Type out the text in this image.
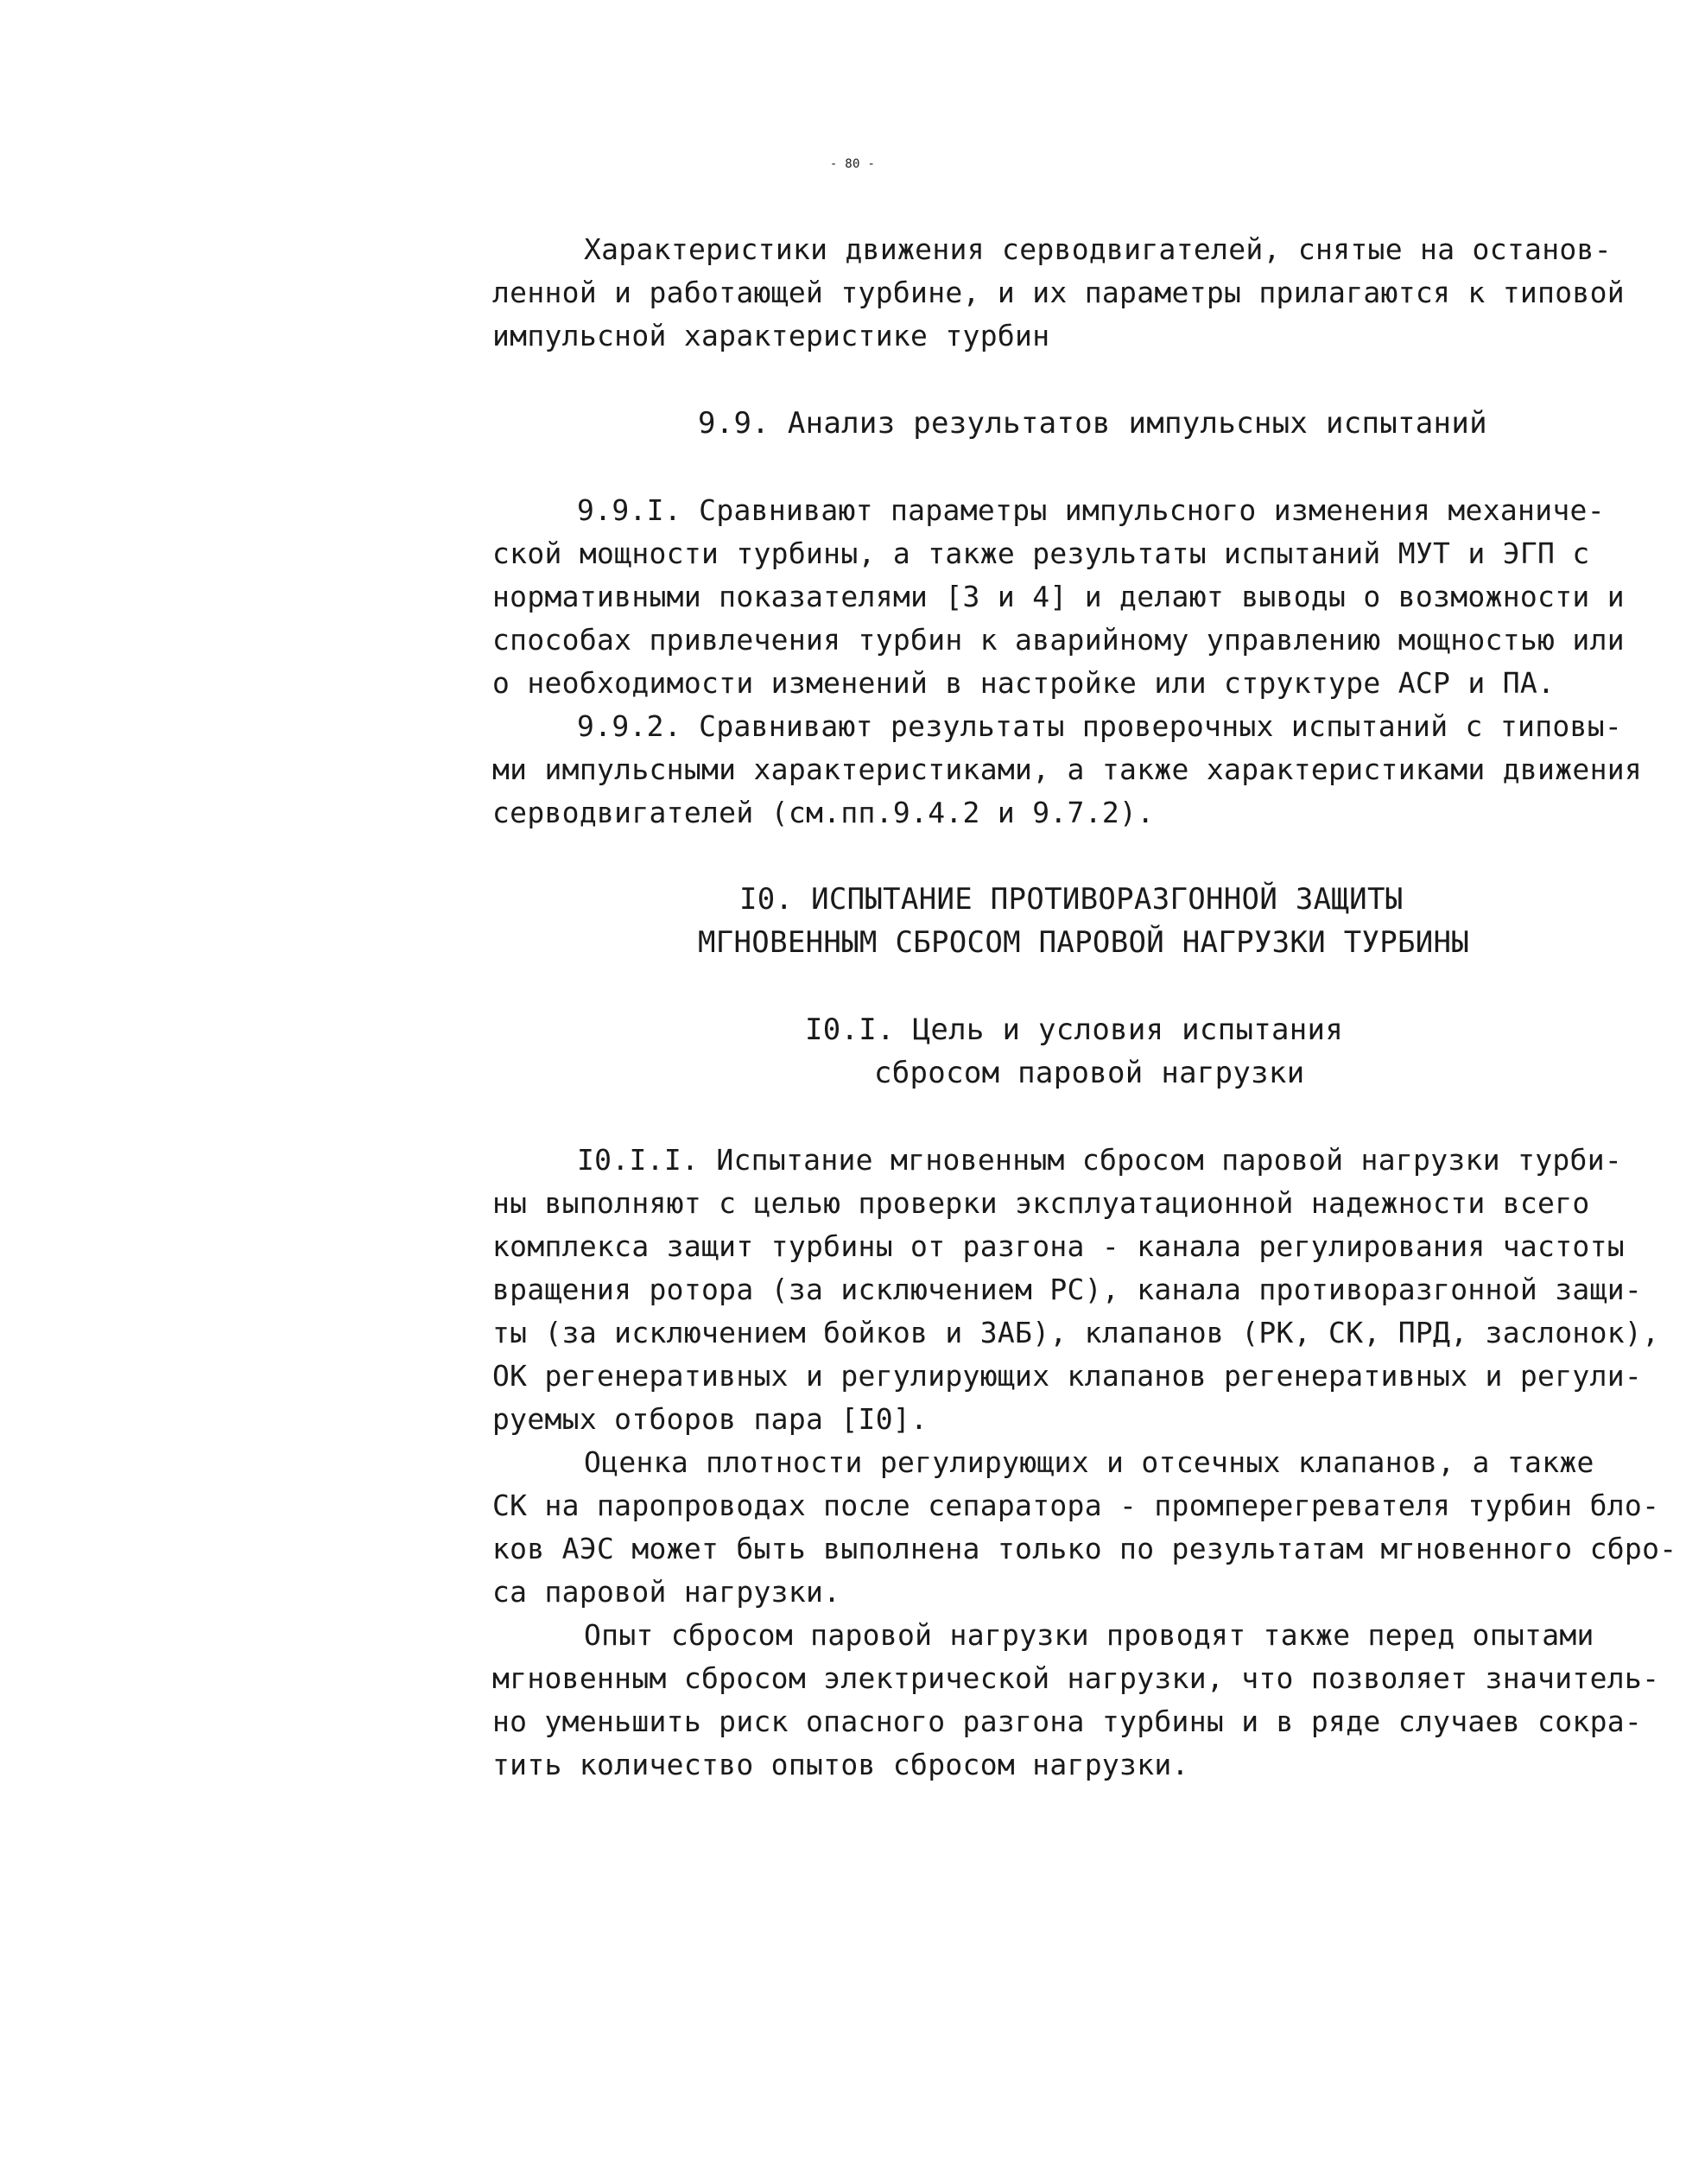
- 80 -
Характеристики движения серводвигателей, снятые на останов-
ленной и работающей турбине, и их параметры прилагаются к типовой
импульсной характеристике турбин
9.9. Анализ результатов импульсных испытаний
9.9.I. Сравнивают параметры импульсного изменения механиче-
ской мощности турбины, а также результаты испытаний МУТ и ЭГП с
нормативными показателями [3 и 4] и делают выводы о возможности и
способах привлечения турбин к аварийному управлению мощностью или
о необходимости изменений в настройке или структуре АСР и ПА.
9.9.2. Сравнивают результаты проверочных испытаний с типовы-
ми импульсными характеристиками, а также характеристиками движения
серводвигателей (см.пп.9.4.2 и 9.7.2).
I0. ИСПЫТАНИЕ ПРОТИВОРАЗГОННОЙ ЗАЩИТЫ
МГНОВЕННЫМ СБРОСОМ ПАРОВОЙ НАГРУЗКИ ТУРБИНЫ
I0.I. Цель и условия испытания
сбросом паровой нагрузки
I0.I.I. Испытание мгновенным сбросом паровой нагрузки турби-
ны выполняют с целью проверки эксплуатационной надежности всего
комплекса защит турбины от разгона - канала регулирования частоты
вращения ротора (за исключением РС), канала противоразгонной защи-
ты (за исключением бойков и ЗАБ), клапанов (РК, СК, ПРД, заслонок),
ОК регенеративных и регулирующих клапанов регенеративных и регули-
руемых отборов пара [I0].
Оценка плотности регулирующих и отсечных клапанов, а также
СК на паропроводах после сепаратора - промперегревателя турбин бло-
ков АЭС может быть выполнена только по результатам мгновенного сбро-
са паровой нагрузки.
Опыт сбросом паровой нагрузки проводят также перед опытами
мгновенным сбросом электрической нагрузки, что позволяет значитель-
но уменьшить риск опасного разгона турбины и в ряде случаев сокра-
тить количество опытов сбросом нагрузки.
